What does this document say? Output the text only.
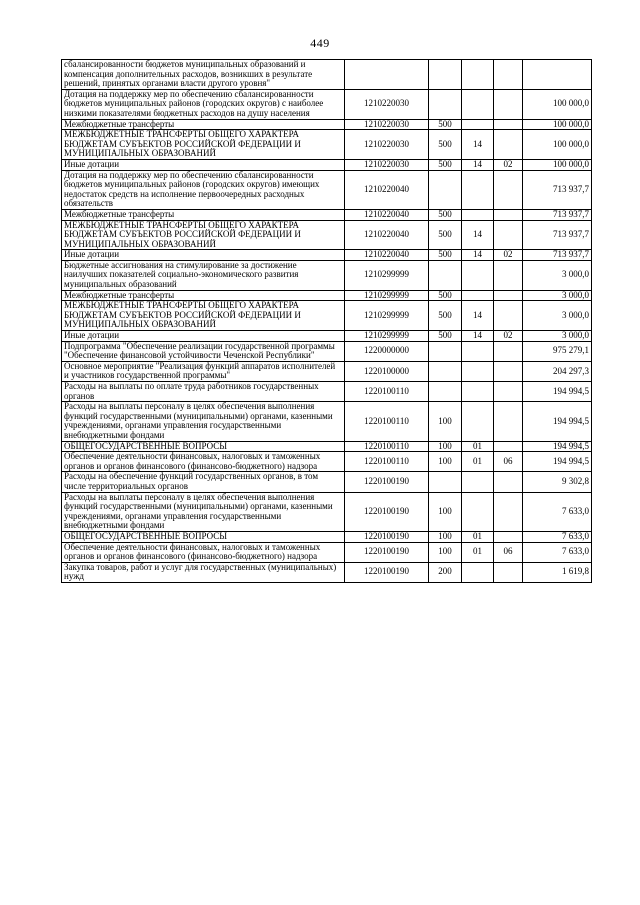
449
сбалансированности бюджетов муниципальных образований и компенсация дополнительных расходов, возникших в результате решений, принятых органами власти другого уровня"					
Дотация на поддержку мер по обеспечению сбалансированности бюджетов муниципальных районов (городских округов) с наиболее низкими показателями бюджетных расходов на душу населения	1210220030				100 000,0
Межбюджетные трансферты	1210220030	500			100 000,0
МЕЖБЮДЖЕТНЫЕ ТРАНСФЕРТЫ ОБЩЕГО ХАРАКТЕРА БЮДЖЕТАМ СУБЪЕКТОВ РОССИЙСКОЙ ФЕДЕРАЦИИ И МУНИЦИПАЛЬНЫХ ОБРАЗОВАНИЙ	1210220030	500	14		100 000,0
Иные дотации	1210220030	500	14	02	100 000,0
Дотация на поддержку мер по обеспечению сбалансированности бюджетов муниципальных районов (городских округов) имеющих недостаток средств на исполнение первоочередных расходных обязательств	1210220040				713 937,7
Межбюджетные трансферты	1210220040	500			713 937,7
МЕЖБЮДЖЕТНЫЕ ТРАНСФЕРТЫ ОБЩЕГО ХАРАКТЕРА БЮДЖЕТАМ СУБЪЕКТОВ РОССИЙСКОЙ ФЕДЕРАЦИИ И МУНИЦИПАЛЬНЫХ ОБРАЗОВАНИЙ	1210220040	500	14		713 937,7
Иные дотации	1210220040	500	14	02	713 937,7
Бюджетные ассигнования на стимулирование за достижение наилучших показателей социально-экономического развития муниципальных образований	1210299999				3 000,0
Межбюджетные трансферты	1210299999	500			3 000,0
МЕЖБЮДЖЕТНЫЕ ТРАНСФЕРТЫ ОБЩЕГО ХАРАКТЕРА БЮДЖЕТАМ СУБЪЕКТОВ РОССИЙСКОЙ ФЕДЕРАЦИИ И МУНИЦИПАЛЬНЫХ ОБРАЗОВАНИЙ	1210299999	500	14		3 000,0
Иные дотации	1210299999	500	14	02	3 000,0
Подпрограмма "Обеспечение реализации государственной программы "Обеспечение финансовой устойчивости Чеченской Республики"	1220000000				975 279,1
Основное мероприятие "Реализация функций аппаратов исполнителей и участников государственной программы"	1220100000				204 297,3
Расходы на выплаты по оплате труда работников государственных органов	1220100110				194 994,5
Расходы на выплаты персоналу в целях обеспечения выполнения функций государственными (муниципальными) органами, казенными учреждениями, органами управления государственными внебюджетными фондами	1220100110	100			194 994,5
ОБЩЕГОСУДАРСТВЕННЫЕ ВОПРОСЫ	1220100110	100	01		194 994,5
Обеспечение деятельности финансовых, налоговых и таможенных органов и органов финансового (финансово-бюджетного) надзора	1220100110	100	01	06	194 994,5
Расходы на обеспечение функций государственных органов, в том числе территориальных органов	1220100190				9 302,8
Расходы на выплаты персоналу в целях обеспечения выполнения функций государственными (муниципальными) органами, казенными учреждениями, органами управления государственными внебюджетными фондами	1220100190	100			7 633,0
ОБЩЕГОСУДАРСТВЕННЫЕ ВОПРОСЫ	1220100190	100	01		7 633,0
Обеспечение деятельности финансовых, налоговых и таможенных органов и органов финансового (финансово-бюджетного) надзора	1220100190	100	01	06	7 633,0
Закупка товаров, работ и услуг для государственных (муниципальных) нужд	1220100190	200			1 619,8
